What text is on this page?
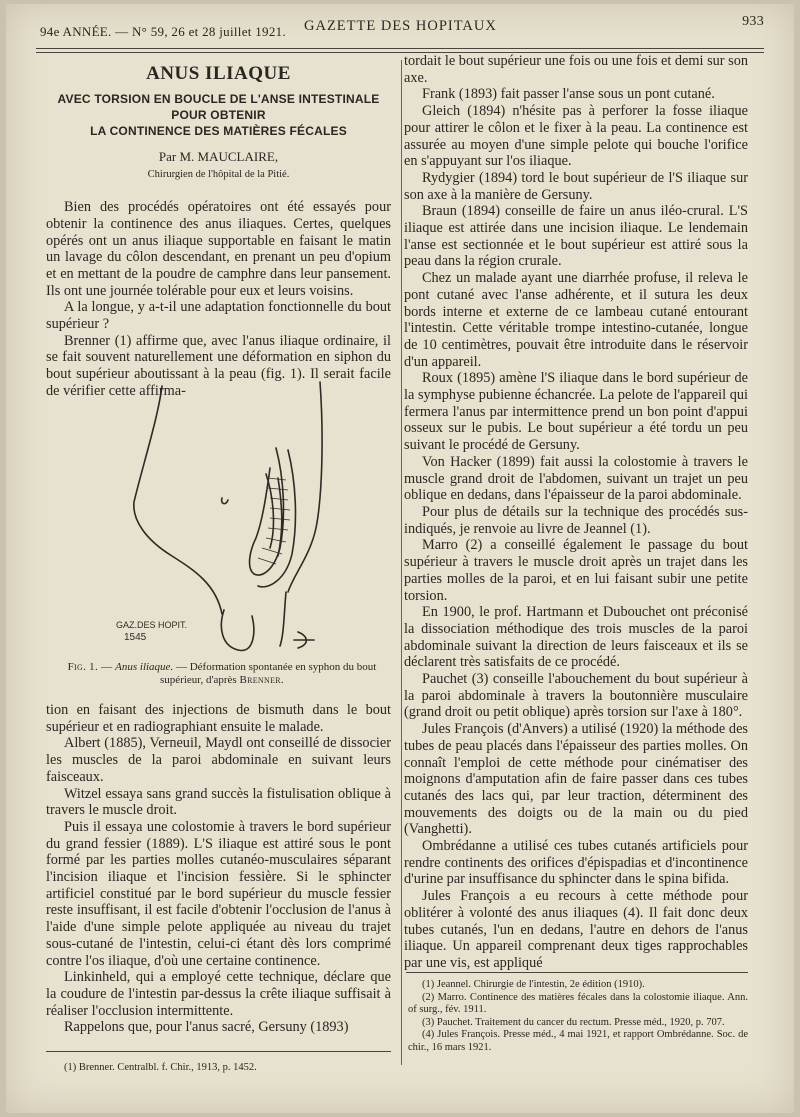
94e ANNÉE. — N° 59, 26 et 28 juillet 1921. GAZETTE DES HOPITAUX	933
ANUS ILIAQUE
AVEC TORSION EN BOUCLE DE L'ANSE INTESTINALE POUR OBTENIR
LA CONTINENCE DES MATIÈRES FÉCALES
Par M. MAUCLAIRE,
Chirurgien de l'hôpital de la Pitié.

Bien des procédés opératoires ont été essayés pour obtenir la continence des anus iliaques. Certes, quelques opérés ont un anus iliaque supportable en faisant le matin un lavage du côlon descendant, en prenant un peu d'opium et en mettant de la poudre de camphre dans leur pansement. Ils ont une journée tolérable pour eux et leurs voisins.

A la longue, y a-t-il une adaptation fonctionnelle du bout supérieur ?

Brenner (1) affirme que, avec l'anus iliaque ordinaire, il se fait souvent naturellement une déformation en siphon du bout supérieur aboutissant à la peau (fig. 1). Il serait facile de vérifier cette affirma-

GAZ.DES HOPIT.
1545
Fig. 1. — Anus iliaque. — Déformation spontanée en syphon du bout supérieur, d'après Brenner.

tion en faisant des injections de bismuth dans le bout supérieur et en radiographiant ensuite le malade.

Albert (1885), Verneuil, Maydl ont conseillé de dissocier les muscles de la paroi abdominale en suivant leurs faisceaux.

Witzel essaya sans grand succès la fistulisation oblique à travers le muscle droit.

Puis il essaya une colostomie à travers le bord supérieur du grand fessier (1889). L'S iliaque est attiré sous le pont formé par les parties molles cutanéo-musculaires séparant l'incision iliaque et l'incision fessière. Si le sphincter artificiel constitué par le bord supérieur du muscle fessier reste insuffisant, il est facile d'obtenir l'occlusion de l'anus à l'aide d'une simple pelote appliquée au niveau du trajet sous-cutané de l'intestin, celui-ci étant dès lors comprimé contre l'os iliaque, d'où une certaine continence.

Linkinheld, qui a employé cette technique, déclare que la coudure de l'intestin par-dessus la crête iliaque suffisait à réaliser l'occlusion intermittente.

Rappelons que, pour l'anus sacré, Gersuny (1893)

(1) Brenner. Centralbl. f. Chir., 1913, p. 1452.

tordait le bout supérieur une fois ou une fois et demi sur son axe.

Frank (1893) fait passer l'anse sous un pont cutané.

Gleich (1894) n'hésite pas à perforer la fosse iliaque pour attirer le côlon et le fixer à la peau. La continence est assurée au moyen d'une simple pelote qui bouche l'orifice en s'appuyant sur l'os iliaque.

Rydygier (1894) tord le bout supérieur de l'S iliaque sur son axe à la manière de Gersuny.

Braun (1894) conseille de faire un anus iléo-crural. L'S iliaque est attirée dans une incision iliaque. Le lendemain l'anse est sectionnée et le bout supérieur est attiré sous la peau dans la région crurale.

Chez un malade ayant une diarrhée profuse, il releva le pont cutané avec l'anse adhérente, et il sutura les deux bords interne et externe de ce lambeau cutané entourant l'intestin. Cette véritable trompe intestino-cutanée, longue de 10 centimètres, pouvait être introduite dans le réservoir d'un appareil.

Roux (1895) amène l'S iliaque dans le bord supérieur de la symphyse pubienne échancrée. La pelote de l'appareil qui fermera l'anus par intermittence prend un bon point d'appui osseux sur le pubis. Le bout supérieur a été tordu un peu suivant le procédé de Gersuny.

Von Hacker (1899) fait aussi la colostomie à travers le muscle grand droit de l'abdomen, suivant un trajet un peu oblique en dedans, dans l'épaisseur de la paroi abdominale.

Pour plus de détails sur la technique des procédés sus-indiqués, je renvoie au livre de Jeannel (1).

Marro (2) a conseillé également le passage du bout supérieur à travers le muscle droit après un trajet dans les parties molles de la paroi, et en lui faisant subir une petite torsion.

En 1900, le prof. Hartmann et Dubouchet ont préconisé la dissociation méthodique des trois muscles de la paroi abdominale suivant la direction de leurs faisceaux et ils se déclarent très satisfaits de ce procédé.

Pauchet (3) conseille l'abouchement du bout supérieur à la paroi abdominale à travers la boutonnière musculaire (grand droit ou petit oblique) après torsion sur l'axe à 180°.

Jules François (d'Anvers) a utilisé (1920) la méthode des tubes de peau placés dans l'épaisseur des parties molles. On connaît l'emploi de cette méthode pour cinématiser des moignons d'amputation afin de faire passer dans ces tubes cutanés des lacs qui, par leur traction, déterminent des mouvements des doigts ou de la main ou du pied (Vanghetti).

Ombrédanne a utilisé ces tubes cutanés artificiels pour rendre continents des orifices d'épispadias et d'incontinence d'urine par insuffisance du sphincter dans le spina bifida.

Jules François a eu recours à cette méthode pour oblitérer à volonté des anus iliaques (4). Il fait donc deux tubes cutanés, l'un en dedans, l'autre en dehors de l'anus iliaque. Un appareil comprenant deux tiges rapprochables par une vis, est appliqué

(1) Jeannel. Chirurgie de l'intestin, 2e édition (1910).

(2) Marro. Continence des matières fécales dans la colostomie iliaque. Ann. of surg., fév. 1911.

(3) Pauchet. Traitement du cancer du rectum. Presse méd., 1920, p. 707.

(4) Jules François. Presse méd., 4 mai 1921, et rapport Ombrédanne. Soc. de chir., 16 mars 1921.
